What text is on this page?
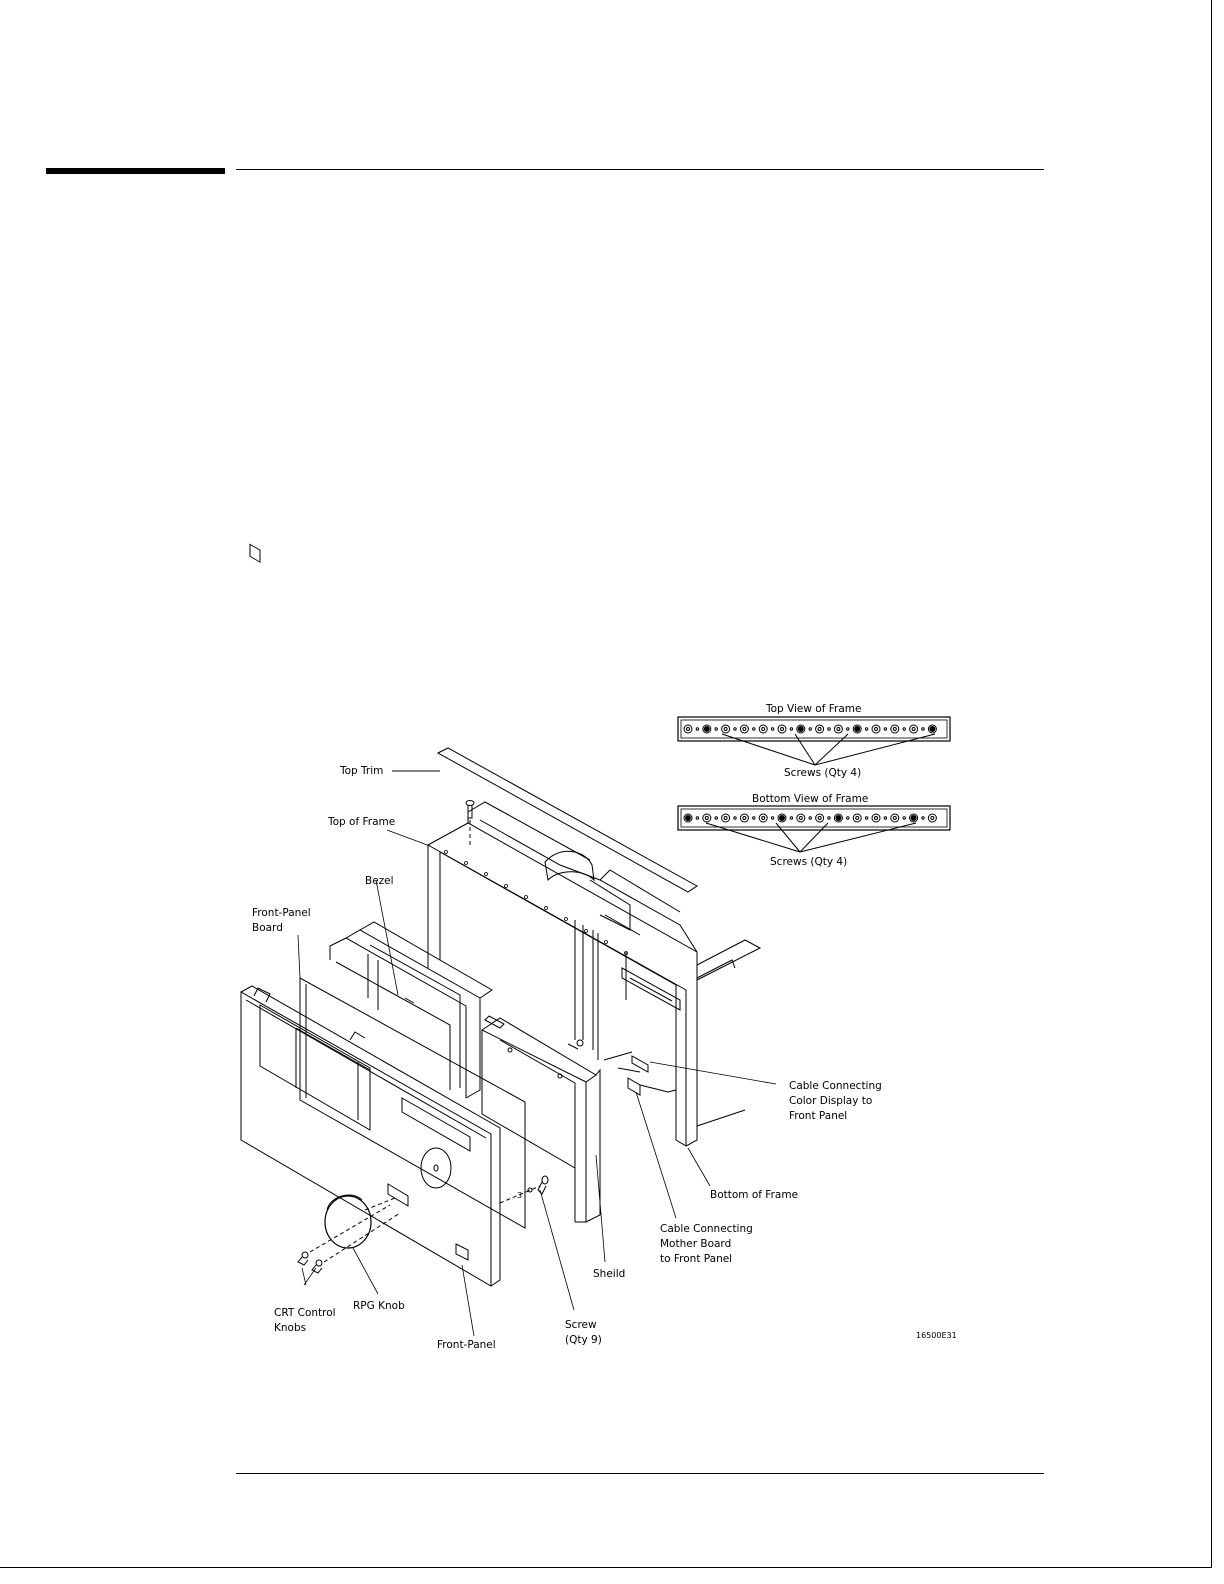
Top View of Frame
Screws (Qty 4)
Bottom View of Frame
Screws (Qty 4)
3
Top Trim
Top of Frame
Bezel
Front-Panel
Board
Cable Connecting
Color Display to
Front Panel
Bottom of Frame
Cable Connecting
Mother Board
to Front Panel
Sheild
CRT Control
Knobs
RPG Knob
Front-Panel
Screw
(Qty 9)	16500E31
